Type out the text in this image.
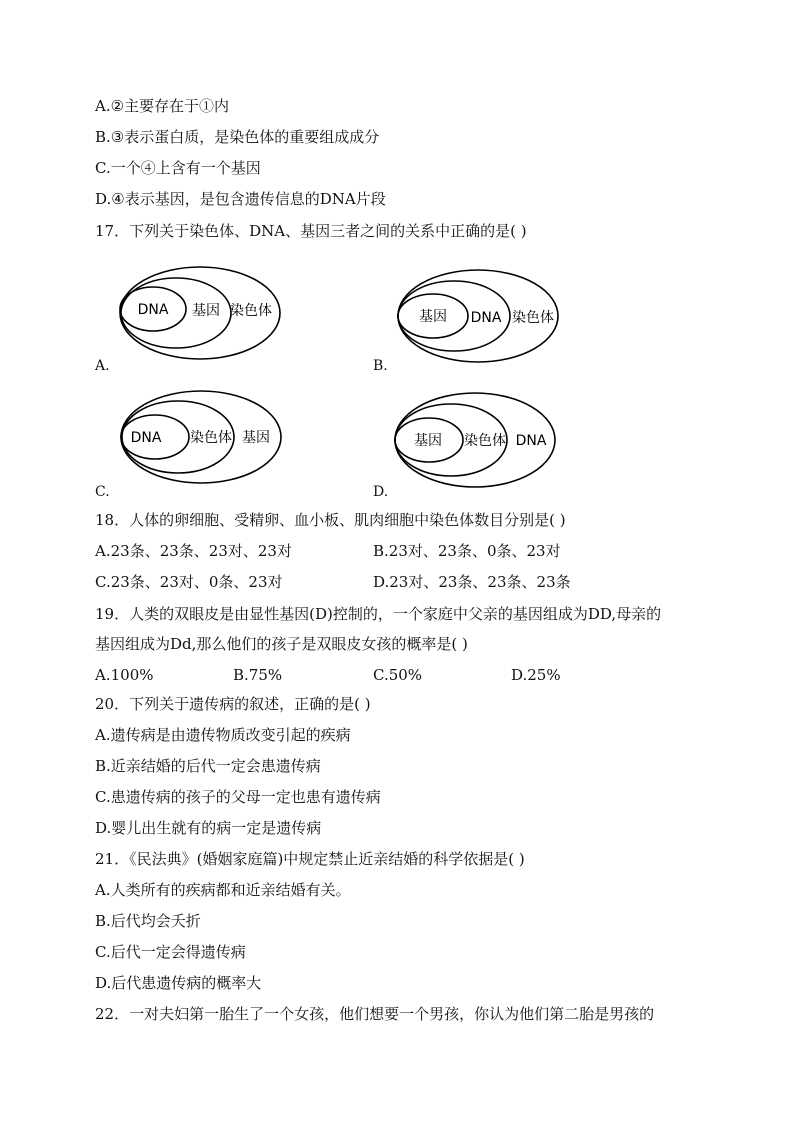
A.②主要存在于①内
B.③表示蛋白质，是染色体的重要组成成分
C.一个④上含有一个基因
D.④表示基因，是包含遗传信息的DNA片段
17．下列关于染色体、DNA、基因三者之间的关系中正确的是( )
DNA 基因 染色体
A.
基因 DNA 染色体
B.
DNA 染色体 基因
C.
基因 染色体 DNA
D.
18．人体的卵细胞、受精卵、血小板、肌肉细胞中染色体数目分别是( )
A.23条、23条、23对、23对	B.23对、23条、0条、23对
C.23条、23对、0条、23对	D.23对、23条、23条、23条
19．人类的双眼皮是由显性基因(D)控制的，一个家庭中父亲的基因组成为DD,母亲的
基因组成为Dd,那么他们的孩子是双眼皮女孩的概率是( )
A.100%	B.75%	C.50%	D.25%
20．下列关于遗传病的叙述，正确的是( )
A.遗传病是由遗传物质改变引起的疾病
B.近亲结婚的后代一定会患遗传病
C.患遗传病的孩子的父母一定也患有遗传病
D.婴儿出生就有的病一定是遗传病
21．《民法典》(婚姻家庭篇)中规定禁止近亲结婚的科学依据是( )
A.人类所有的疾病都和近亲结婚有关。
B.后代均会夭折
C.后代一定会得遗传病
D.后代患遗传病的概率大
22．一对夫妇第一胎生了一个女孩，他们想要一个男孩，你认为他们第二胎是男孩的
